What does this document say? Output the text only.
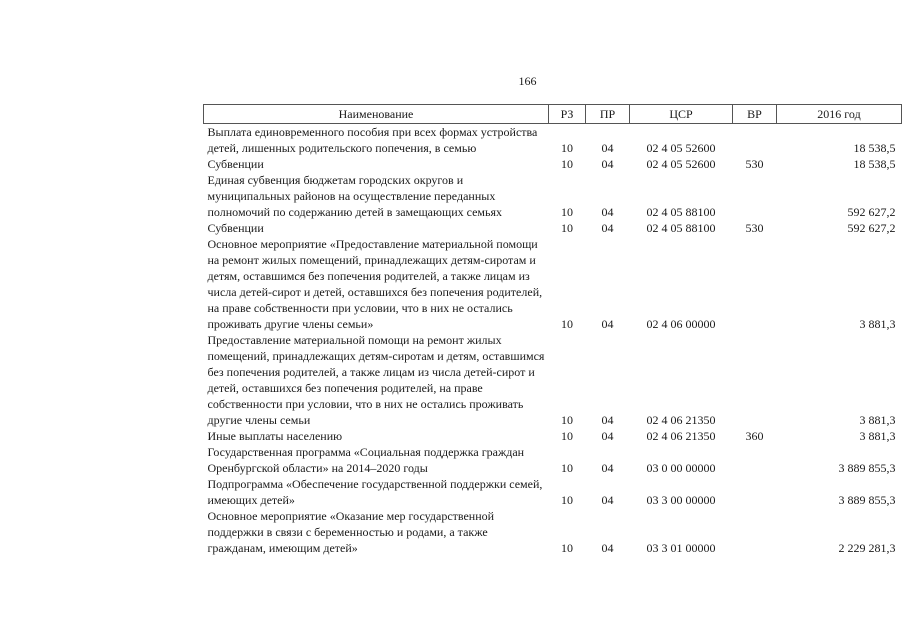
166
Наименование	РЗ	ПР	ЦСР	ВР	2016 год
Выплата единовременного пособия при всех формах устройства детей, лишенных родительского попечения, в семью	10	04	02 4 05 52600		18 538,5
Субвенции	10	04	02 4 05 52600	530	18 538,5
Единая субвенция бюджетам городских округов и муниципальных районов на осуществление переданных полномочий по содержанию детей в замещающих семьях	10	04	02 4 05 88100		592 627,2
Субвенции	10	04	02 4 05 88100	530	592 627,2
Основное мероприятие «Предоставление материальной помощи на ремонт жилых помещений, принадлежащих детям-сиротам и детям, оставшимся без попечения родителей, а также лицам из числа детей-сирот и детей, оставшихся без попечения родителей, на праве собственности при условии, что в них не остались проживать другие члены семьи»	10	04	02 4 06 00000		3 881,3
Предоставление материальной помощи на ремонт жилых помещений, принадлежащих детям-сиротам и детям, оставшимся без попечения родителей, а также лицам из числа детей-сирот и детей, оставшихся без попечения родителей, на праве собственности при условии, что в них не остались проживать другие члены семьи	10	04	02 4 06 21350		3 881,3
Иные выплаты населению	10	04	02 4 06 21350	360	3 881,3
Государственная программа «Социальная поддержка граждан Оренбургской области» на 2014–2020 годы	10	04	03 0 00 00000		3 889 855,3
Подпрограмма «Обеспечение государственной поддержки семей, имеющих детей»	10	04	03 3 00 00000		3 889 855,3
Основное мероприятие «Оказание мер государственной поддержки в связи с беременностью и родами, а также гражданам, имеющим детей»	10	04	03 3 01 00000		2 229 281,3
